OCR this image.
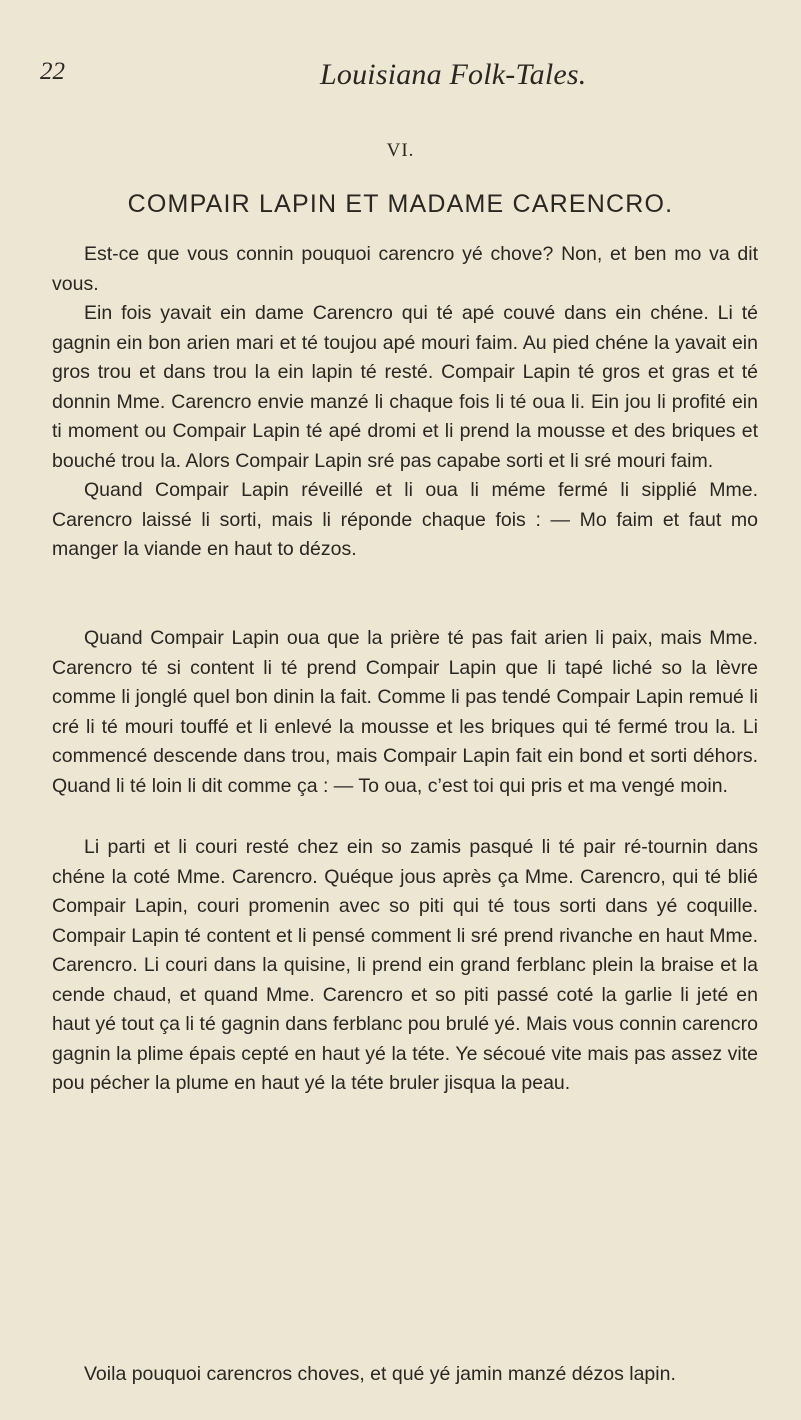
22	Louisiana Folk-Tales.
VI.
COMPAIR LAPIN ET MADAME CARENCRO.

Est-ce que vous connin pouquoi carencro yé chove? Non, et ben mo va dit vous.

Ein fois yavait ein dame Carencro qui té apé couvé dans ein chéne. Li té gagnin ein bon arien mari et té toujou apé mouri faim. Au pied chéne la yavait ein gros trou et dans trou la ein lapin té resté. Compair Lapin té gros et gras et té donnin Mme. Carencro envie manzé li chaque fois li té oua li. Ein jou li profité ein ti moment ou Compair Lapin té apé dromi et li prend la mousse et des briques et bouché trou la. Alors Compair Lapin sré pas capabe sorti et li sré mouri faim.

Quand Compair Lapin réveillé et li oua li méme fermé li sipplié Mme. Carencro laissé li sorti, mais li réponde chaque fois : — Mo faim et faut mo manger la viande en haut to dézos.

Quand Compair Lapin oua que la prière té pas fait arien li paix, mais Mme. Carencro té si content li té prend Compair Lapin que li tapé liché so la lèvre comme li jonglé quel bon dinin la fait. Comme li pas tendé Compair Lapin remué li cré li té mouri touffé et li enlevé la mousse et les briques qui té fermé trou la. Li commencé descende dans trou, mais Compair Lapin fait ein bond et sorti déhors. Quand li té loin li dit comme ça : — To oua, c’est toi qui pris et ma vengé moin.

Li parti et li couri resté chez ein so zamis pasqué li té pair ré-tournin dans chéne la coté Mme. Carencro. Quéque jous après ça Mme. Carencro, qui té blié Compair Lapin, couri promenin avec so piti qui té tous sorti dans yé coquille. Compair Lapin té content et li pensé comment li sré prend rivanche en haut Mme. Carencro. Li couri dans la quisine, li prend ein grand ferblanc plein la braise et la cende chaud, et quand Mme. Carencro et so piti passé coté la garlie li jeté en haut yé tout ça li té gagnin dans ferblanc pou brulé yé. Mais vous connin carencro gagnin la plime épais cepté en haut yé la téte. Ye sécoué vite mais pas assez vite pou pécher la plume en haut yé la téte bruler jisqua la peau.

Voila pouquoi carencros choves, et qué yé jamin manzé dézos lapin.
